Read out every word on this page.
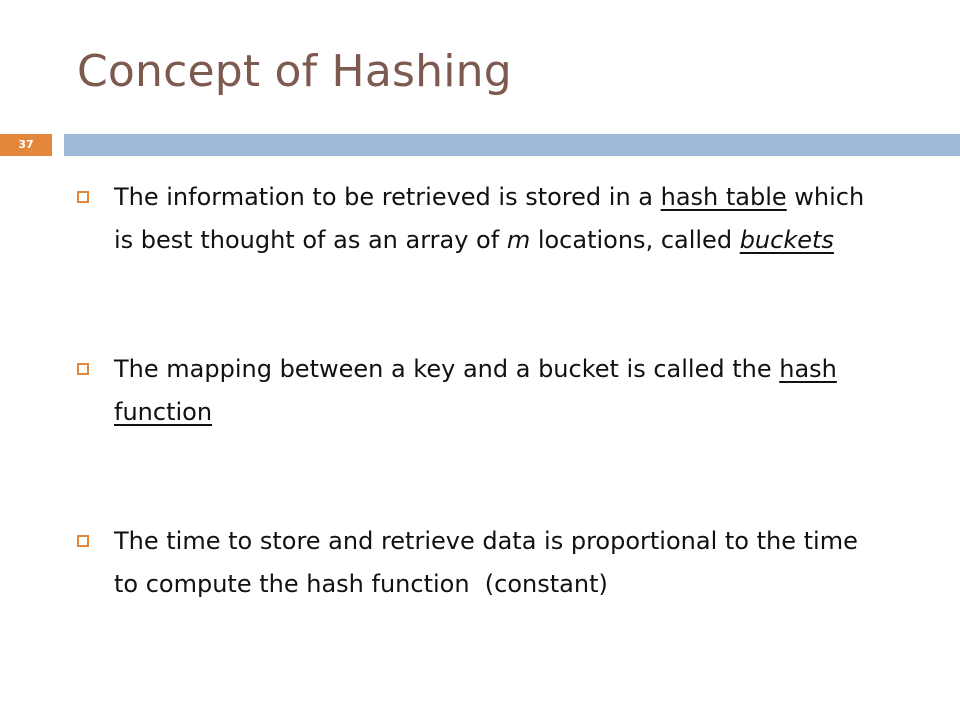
Concept of Hashing
37
The information to be retrieved is stored in a hash table which is best thought of as an array of m locations, called buckets
The mapping between a key and a bucket is called the hash function
The time to store and retrieve data is proportional to the time to compute the hash function  (constant)
